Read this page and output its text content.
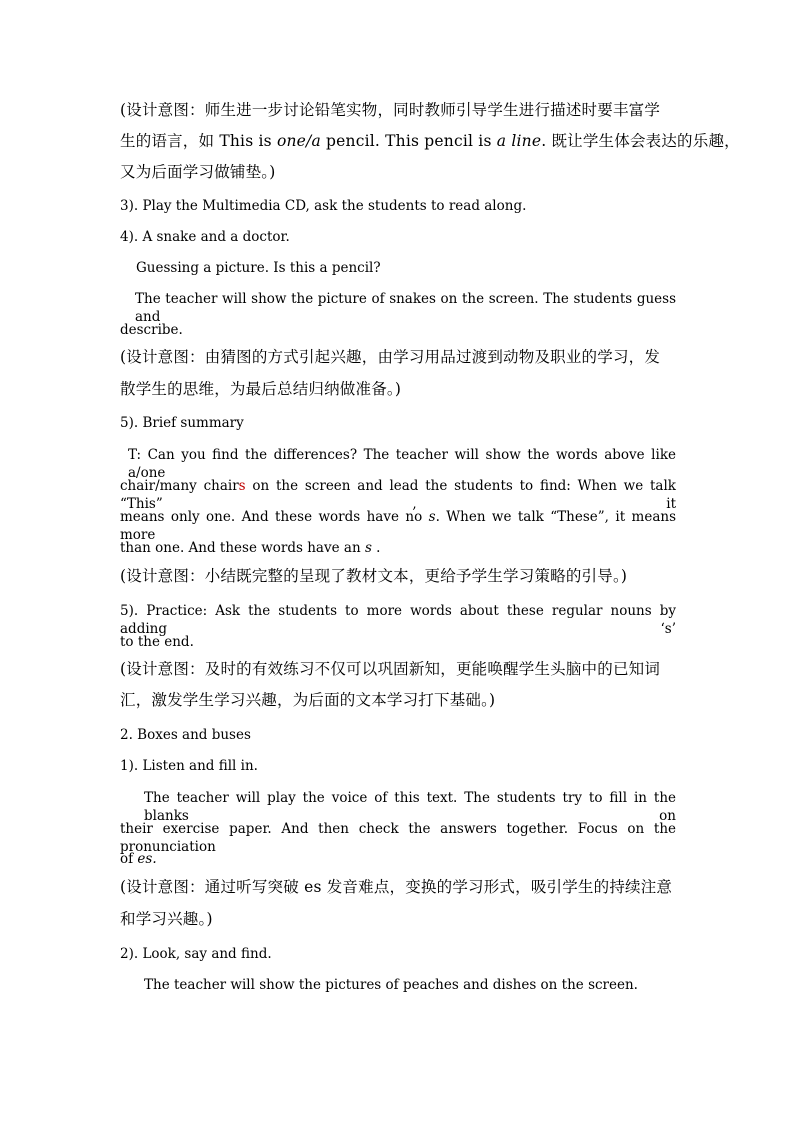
(设计意图：师生进一步讨论铅笔实物，同时教师引导学生进行描述时要丰富学
生的语言，如 This is one/a pencil. This pencil is a line. 既让学生体会表达的乐趣，
又为后面学习做铺垫。)
3). Play the Multimedia CD, ask the students to read along.
4). A snake and a doctor.
Guessing a picture. Is this a pencil?
The teacher will show the picture of snakes on the screen. The students guess and
describe.
(设计意图：由猜图的方式引起兴趣，由学习用品过渡到动物及职业的学习，发
散学生的思维，为最后总结归纳做准备。)
5). Brief summary
T: Can you find the differences? The teacher will show the words above like a/one
chair/many chairs on the screen and lead the students to find: When we talk “This” , it
means only one. And these words have no s. When we talk “These”, it means more
than one. And these words have an s .
(设计意图：小结既完整的呈现了教材文本，更给予学生学习策略的引导。)
5). Practice: Ask the students to more words about these regular nouns by adding ‘s’
to the end.
(设计意图：及时的有效练习不仅可以巩固新知，更能唤醒学生头脑中的已知词
汇，激发学生学习兴趣，为后面的文本学习打下基础。)
2. Boxes and buses
1). Listen and fill in.
The teacher will play the voice of this text. The students try to fill in the blanks on
their exercise paper. And then check the answers together. Focus on the pronunciation
of es.
(设计意图：通过听写突破 es 发音难点，变换的学习形式，吸引学生的持续注意
和学习兴趣。)
2). Look, say and find.
The teacher will show the pictures of peaches and dishes on the screen.
